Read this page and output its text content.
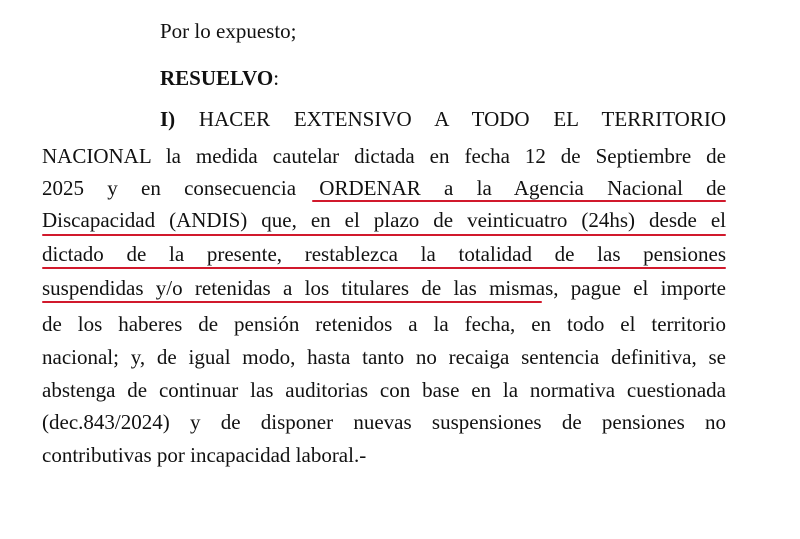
Por lo expuesto;
RESUELVO:
I) HACER EXTENSIVO A TODO EL TERRITORIO
NACIONAL la medida cautelar dictada en fecha 12 de Septiembre de
2025 y en consecuencia ORDENAR a la Agencia Nacional de
Discapacidad (ANDIS) que, en el plazo de veinticuatro (24hs) desde el
dictado de la presente, restablezca la totalidad de las pensiones
suspendidas y/o retenidas a los titulares de las mismas, pague el importe
de los haberes de pensión retenidos a la fecha, en todo el territorio
nacional; y, de igual modo, hasta tanto no recaiga sentencia definitiva, se
abstenga de continuar las auditorias con base en la normativa cuestionada
(dec.843/2024) y de disponer nuevas suspensiones de pensiones no
contributivas por incapacidad laboral.-
